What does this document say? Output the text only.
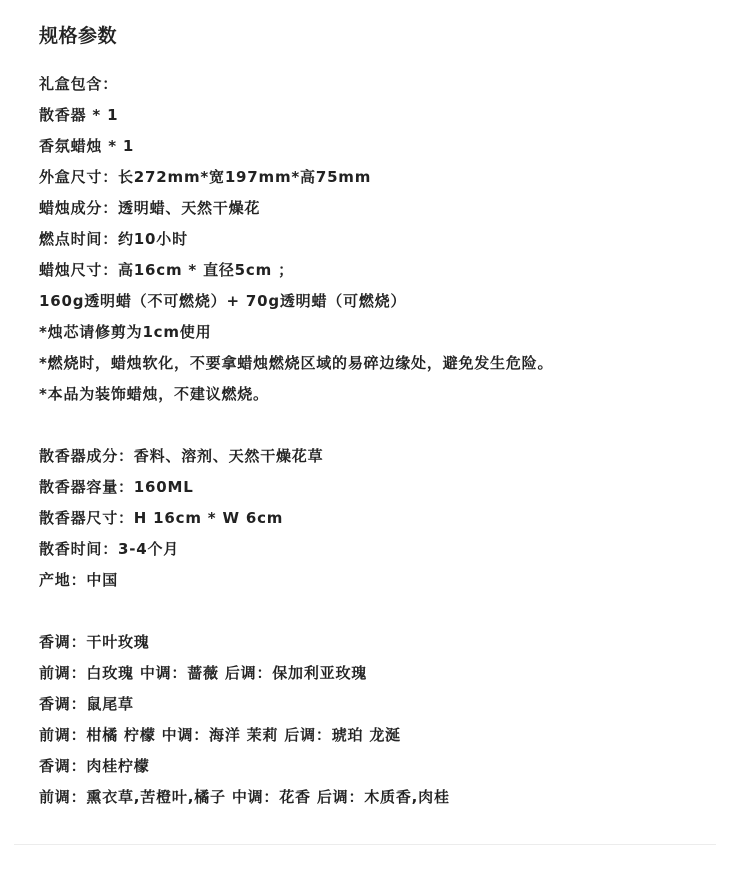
规格参数
礼盒包含：
散香器 * 1
香氛蜡烛 * 1
外盒尺寸：长272mm*宽197mm*高75mm
蜡烛成分：透明蜡、天然干燥花
燃点时间：约10小时
蜡烛尺寸：高16cm * 直径5cm ；
160g透明蜡（不可燃烧）+ 70g透明蜡（可燃烧）
*烛芯请修剪为1cm使用
*燃烧时，蜡烛软化，不要拿蜡烛燃烧区域的易碎边缘处，避免发生危险。
*本品为装饰蜡烛，不建议燃烧。
散香器成分：香料、溶剂、天然干燥花草
散香器容量：160ML
散香器尺寸：H 16cm * W 6cm
散香时间：3-4个月
产地：中国
香调：干叶玫瑰
前调：白玫瑰 中调：蔷薇 后调：保加利亚玫瑰
香调：鼠尾草
前调：柑橘 柠檬 中调：海洋 茉莉 后调：琥珀 龙涎
香调：肉桂柠檬
前调：熏衣草,苦橙叶,橘子 中调：花香 后调：木质香,肉桂
